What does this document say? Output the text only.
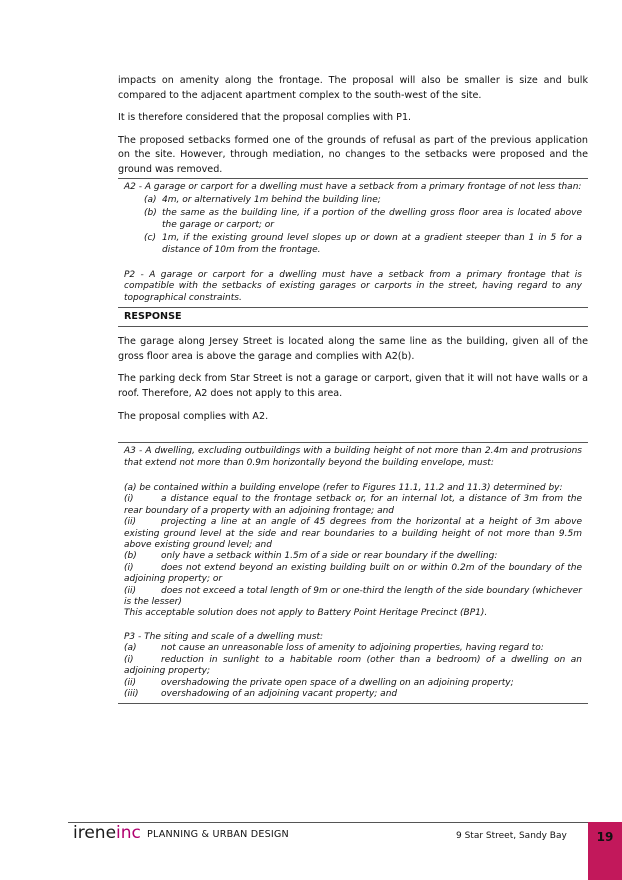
impacts on amenity along the frontage. The proposal will also be smaller is size and bulk compared to the adjacent apartment complex to the south-west of the site.

It is therefore considered that the proposal complies with P1.

The proposed setbacks formed one of the grounds of refusal as part of the previous application on the site. However, through mediation, no changes to the setbacks were proposed and the ground was removed.

A2 - A garage or carport for a dwelling must have a setback from a primary frontage of not less than:

(a) 4m, or alternatively 1m behind the building line;
(b) the same as the building line, if a portion of the dwelling gross floor area is located above the garage or carport; or
(c) 1m, if the existing ground level slopes up or down at a gradient steeper than 1 in 5 for a distance of 10m from the frontage.

P2 - A garage or carport for a dwelling must have a setback from a primary frontage that is compatible with the setbacks of existing garages or carports in the street, having regard to any topographical constraints.

RESPONSE

The garage along Jersey Street is located along the same line as the building, given all of the gross floor area is above the garage and complies with A2(b).

The parking deck from Star Street is not a garage or carport, given that it will not have walls or a roof. Therefore, A2 does not apply to this area.

The proposal complies with A2.

A3 - A dwelling, excluding outbuildings with a building height of not more than 2.4m and protrusions that extend not more than 0.9m horizontally beyond the building envelope, must:

(a) be contained within a building envelope (refer to Figures 11.1, 11.2 and 11.3) determined by:

(i)	a distance equal to the frontage setback or, for an internal lot, a distance of 3m from the rear boundary of a property with an adjoining frontage; and

(ii)	projecting a line at an angle of 45 degrees from the horizontal at a height of 3m above existing ground level at the side and rear boundaries to a building height of not more than 9.5m above existing ground level; and

(b)	only have a setback within 1.5m of a side or rear boundary if the dwelling:

(i)	does not extend beyond an existing building built on or within 0.2m of the boundary of the adjoining property; or

(ii)	does not exceed a total length of 9m or one-third the length of the side boundary (whichever is the lesser)

This acceptable solution does not apply to Battery Point Heritage Precinct (BP1).

P3 - The siting and scale of a dwelling must:

(a)	not cause an unreasonable loss of amenity to adjoining properties, having regard to:

(i)	reduction in sunlight to a habitable room (other than a bedroom) of a dwelling on an adjoining property;

(ii)	overshadowing the private open space of a dwelling on an adjoining property;

(iii) overshadowing of an adjoining vacant property; and

ireneinc PLANNING & URBAN DESIGN	9 Star Street, Sandy Bay	19
